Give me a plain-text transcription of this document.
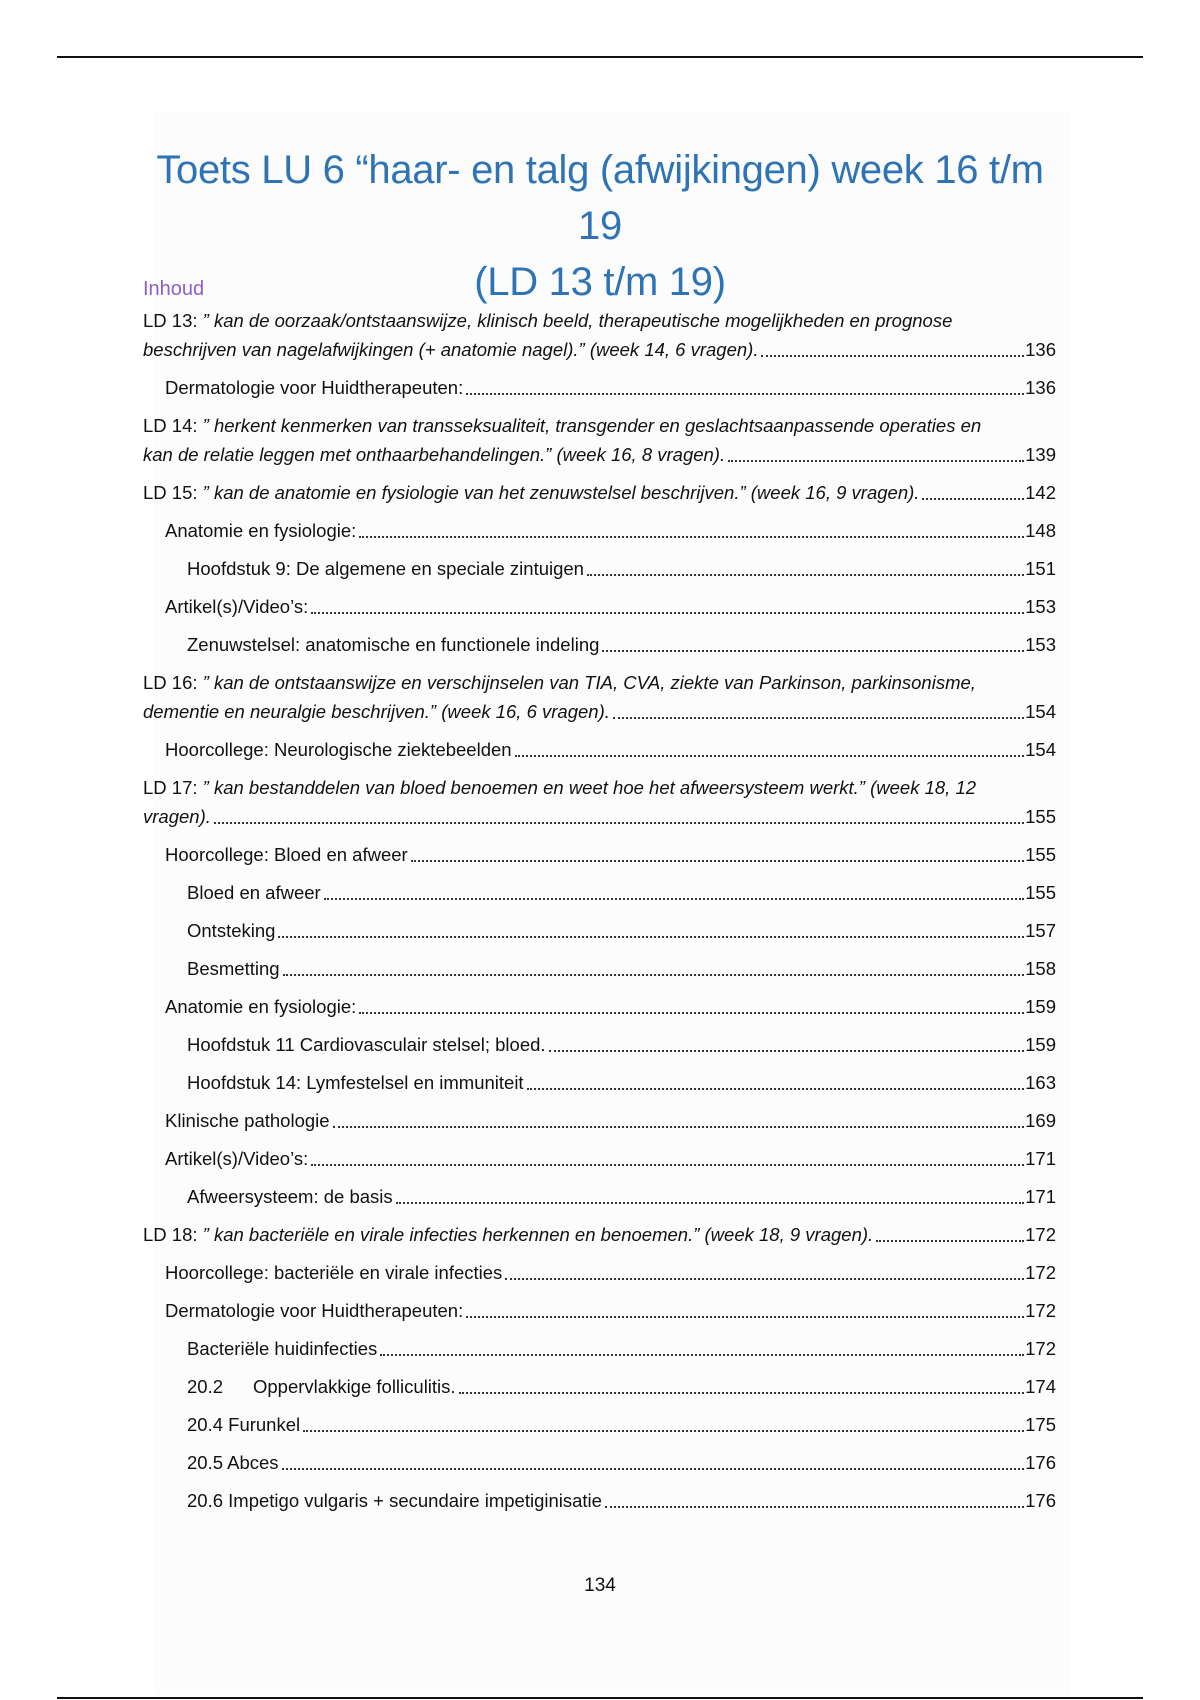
Toets LU 6 “haar- en talg (afwijkingen) week 16 t/m 19
(LD 13 t/m 19)
Inhoud
LD 13: ” kan de oorzaak/ontstaanswijze, klinisch beeld, therapeutische mogelijkheden en prognose
beschrijven van nagelafwijkingen (+ anatomie nagel).” (week 14, 6 vragen).	136
Dermatologie voor Huidtherapeuten:	136
LD 14: ” herkent kenmerken van transseksualiteit, transgender en geslachtsaanpassende operaties en
kan de relatie leggen met onthaarbehandelingen.” (week 16, 8 vragen).	139
LD 15: ” kan de anatomie en fysiologie van het zenuwstelsel beschrijven.” (week 16, 9 vragen).	142
Anatomie en fysiologie:	148
Hoofdstuk 9: De algemene en speciale zintuigen	151
Artikel(s)/Video’s:	153
Zenuwstelsel: anatomische en functionele indeling	153
LD 16: ” kan de ontstaanswijze en verschijnselen van TIA, CVA, ziekte van Parkinson, parkinsonisme,
dementie en neuralgie beschrijven.” (week 16, 6 vragen).	154
Hoorcollege: Neurologische ziektebeelden	154
LD 17: ” kan bestanddelen van bloed benoemen en weet hoe het afweersysteem werkt.” (week 18, 12
vragen).	155
Hoorcollege: Bloed en afweer	155
Bloed en afweer	155
Ontsteking	157
Besmetting	158
Anatomie en fysiologie:	159
Hoofdstuk 11 Cardiovasculair stelsel; bloed.	159
Hoofdstuk 14: Lymfestelsel en immuniteit	163
Klinische pathologie	169
Artikel(s)/Video’s:	171
Afweersysteem: de basis	171
LD 18: ” kan bacteriële en virale infecties herkennen en benoemen.” (week 18, 9 vragen).	172
Hoorcollege: bacteriële en virale infecties	172
Dermatologie voor Huidtherapeuten:	172
Bacteriële huidinfecties	172
20.2 Oppervlakkige folliculitis.	174
20.4 Furunkel	175
20.5 Abces	176
20.6 Impetigo vulgaris + secundaire impetiginisatie	176
134
